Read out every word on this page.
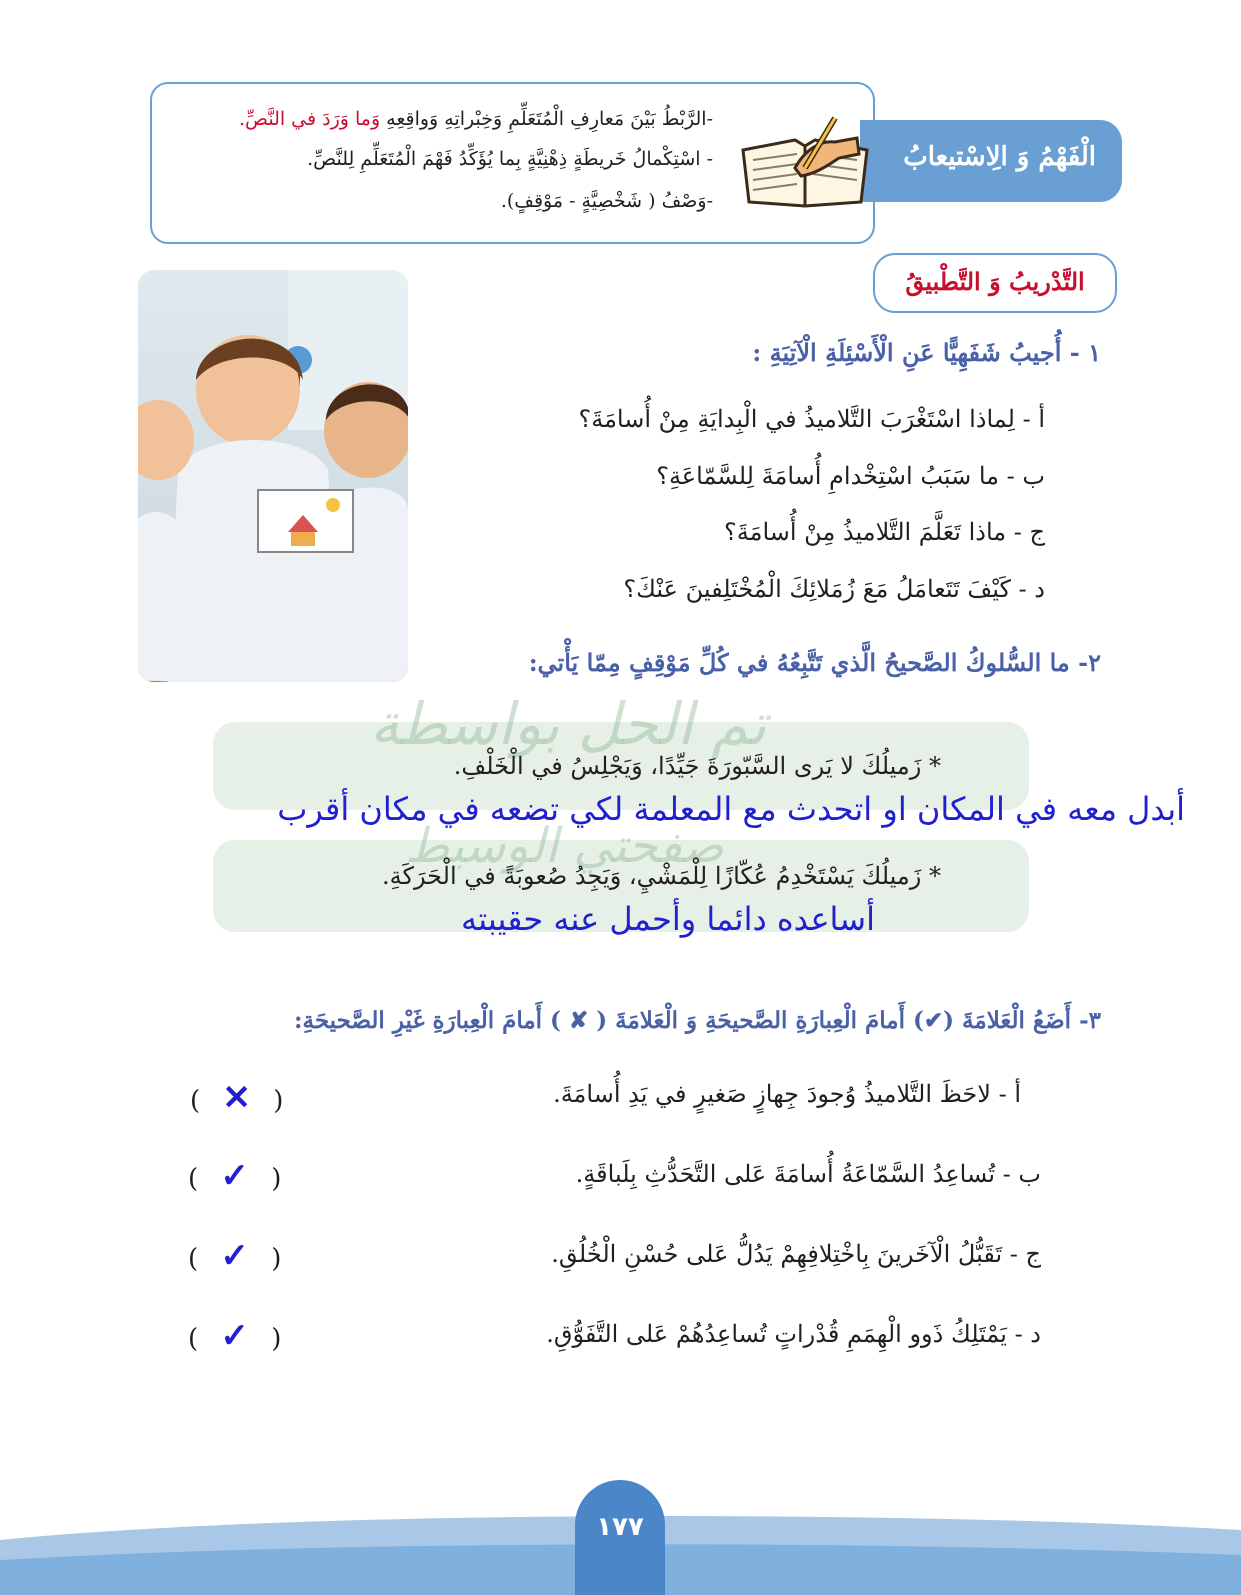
-الرَّبْطُ بَيْنَ مَعارِفِ الْمُتَعَلِّمِ وَخِبْراتِهِ وَواقِعِهِ وَما وَرَدَ في النَّصِّ.
- اسْتِكْمالُ خَريطَةٍ ذِهْنِيَّةٍ بِما يُؤَكِّدُ فَهْمَ الْمُتَعَلِّمِ لِلنَّصِّ.
-وَصْفُ ( شَخْصِيَّةٍ - مَوْقِفٍ).
الْفَهْمُ وَ الِاسْتيعابُ
التَّدْريبُ وَ التَّطْبيقُ
١ - أُجيبُ شَفَهِيًّا عَنِ الْأَسْئِلَةِ الْآتِيَةِ :
أ - لِماذا اسْتَغْرَبَ التَّلاميذُ في الْبِدايَةِ مِنْ أُسامَةَ؟
ب - ما سَبَبُ اسْتِخْدامِ أُسامَةَ لِلسَّمّاعَةِ؟
ج - ماذا تَعَلَّمَ التَّلاميذُ مِنْ أُسامَةَ؟
د - كَيْفَ تَتَعامَلُ مَعَ زُمَلائِكَ الْمُخْتَلِفينَ عَنْكَ؟
٢- ما السُّلوكُ الصَّحيحُ الَّذي تَتَّبِعُهُ في كُلِّ مَوْقِفٍ مِمّا يَأْتي:
تم الحل بواسطة
صفحتي الوسيط
* زَميلُكَ لا يَرى السَّبّورَةَ جَيِّدًا، وَيَجْلِسُ في الْخَلْفِ.
أبدل معه في المكان او اتحدث مع المعلمة لكي تضعه في مكان أقرب
* زَميلُكَ يَسْتَخْدِمُ عُكّازًا لِلْمَشْيِ، وَيَجِدُ صُعوبَةً في الْحَرَكَةِ.
أساعده دائما وأحمل عنه حقيبته
٣- أَضَعُ الْعَلامَةَ (✔) أَمامَ الْعِبارَةِ الصَّحيحَةِ وَ الْعَلامَةَ ( ✘ ) أَمامَ الْعِبارَةِ غَيْرِ الصَّحيحَةِ:
أ - لاحَظَ التَّلاميذُ وُجودَ جِهازٍ صَغيرٍ في يَدِ أُسامَةَ.
ب - تُساعِدُ السَّمّاعَةُ أُسامَةَ عَلى التَّحَدُّثِ بِلَباقَةٍ.
ج - تَقَبُّلُ الْآخَرينَ بِاخْتِلافِهِمْ يَدُلُّ عَلى حُسْنِ الْخُلُقِ.
د - يَمْتَلِكُ ذَوو الْهِمَمِ قُدْراتٍ تُساعِدُهُمْ عَلى التَّفَوُّقِ.
( ✕ )
( ✓ )
( ✓ )
( ✓ )
١٧٧
